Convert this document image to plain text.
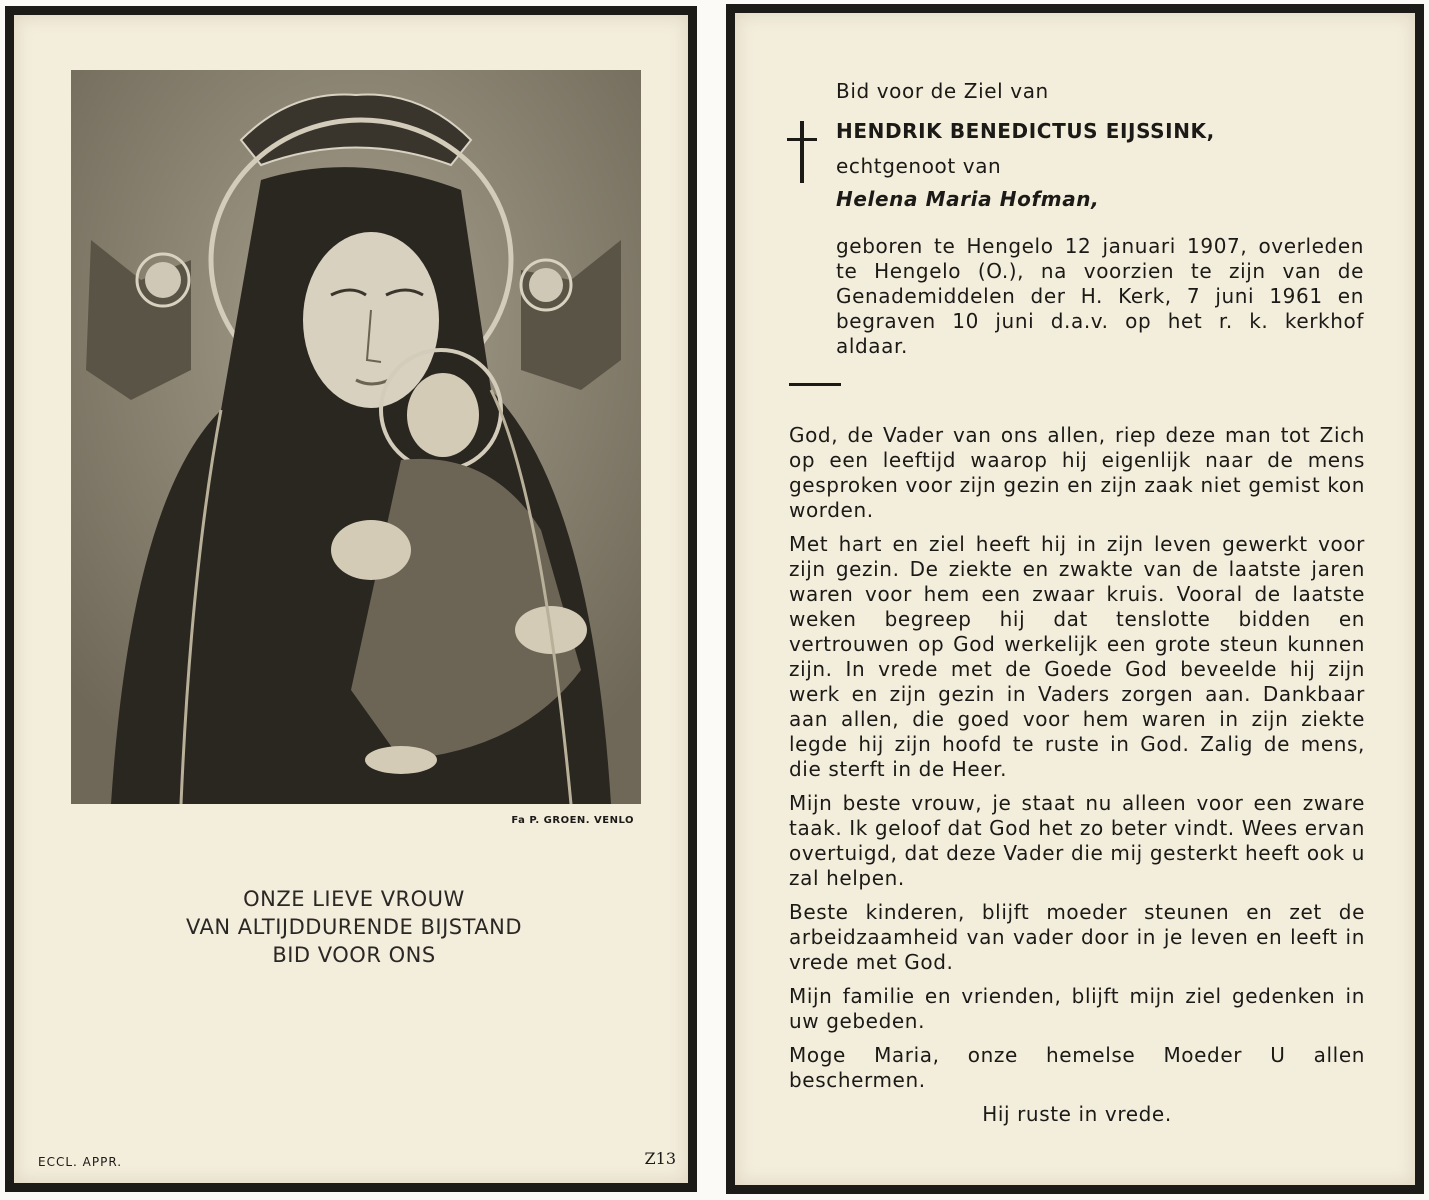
Fa P. GROEN. VENLO
ONZE LIEVE VROUW
VAN ALTIJDDURENDE BIJSTAND
BID VOOR ONS
ECCL. APPR.	Z13
Bid voor de Ziel van
HENDRIK BENEDICTUS EIJSSINK,
echtgenoot van
Helena Maria Hofman,
geboren te Hengelo 12 januari 1907, overleden te Hengelo (O.), na voorzien te zijn van de Genademiddelen der H. Kerk, 7 juni 1961 en begraven 10 juni d.a.v. op het r. k. kerkhof aldaar.

God, de Vader van ons allen, riep deze man tot Zich op een leeftijd waarop hij eigenlijk naar de mens gesproken voor zijn gezin en zijn zaak niet gemist kon worden.

Met hart en ziel heeft hij in zijn leven gewerkt voor zijn gezin. De ziekte en zwakte van de laatste jaren waren voor hem een zwaar kruis. Vooral de laatste weken begreep hij dat tenslotte bidden en vertrouwen op God werkelijk een grote steun kunnen zijn. In vrede met de Goede God beveelde hij zijn werk en zijn gezin in Vaders zorgen aan. Dankbaar aan allen, die goed voor hem waren in zijn ziekte legde hij zijn hoofd te ruste in God. Zalig de mens, die sterft in de Heer.

Mijn beste vrouw, je staat nu alleen voor een zware taak. Ik geloof dat God het zo beter vindt. Wees ervan overtuigd, dat deze Vader die mij gesterkt heeft ook u zal helpen.

Beste kinderen, blijft moeder steunen en zet de arbeidzaamheid van vader door in je leven en leeft in vrede met God.

Mijn familie en vrienden, blijft mijn ziel gedenken in uw gebeden.

Moge Maria, onze hemelse Moeder U allen beschermen.

Hij ruste in vrede.
